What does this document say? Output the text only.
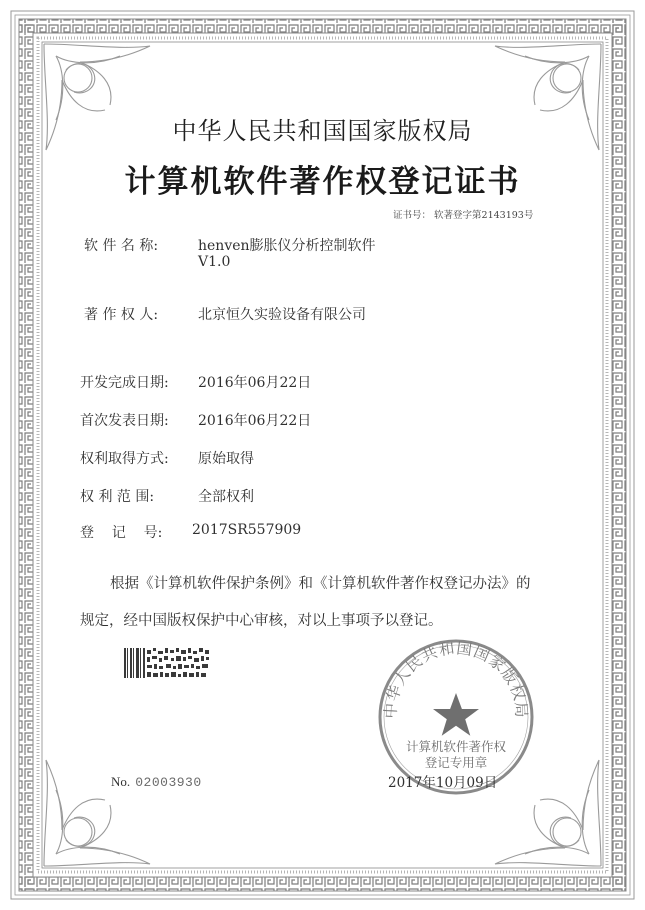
中华人民共和国国家版权局
计算机软件著作权登记证书
证书号： 软著登字第2143193号
软 件 名 称:	henven膨胀仪分析控制软件
V1.0
著 作 权 人:	北京恒久实验设备有限公司
开发完成日期: 2016年06月22日
首次发表日期: 2016年06月22日
权利取得方式: 原始取得
权 利 范 围:	全部权利
登    记    号: 2017SR557909
根据《计算机软件保护条例》和《计算机软件著作权登记办法》的
规定，经中国版权保护中心审核，对以上事项予以登记。
中华人民共和国国家版权局
计算机软件著作权
登记专用章
No. 02003930	2017年10月09日
